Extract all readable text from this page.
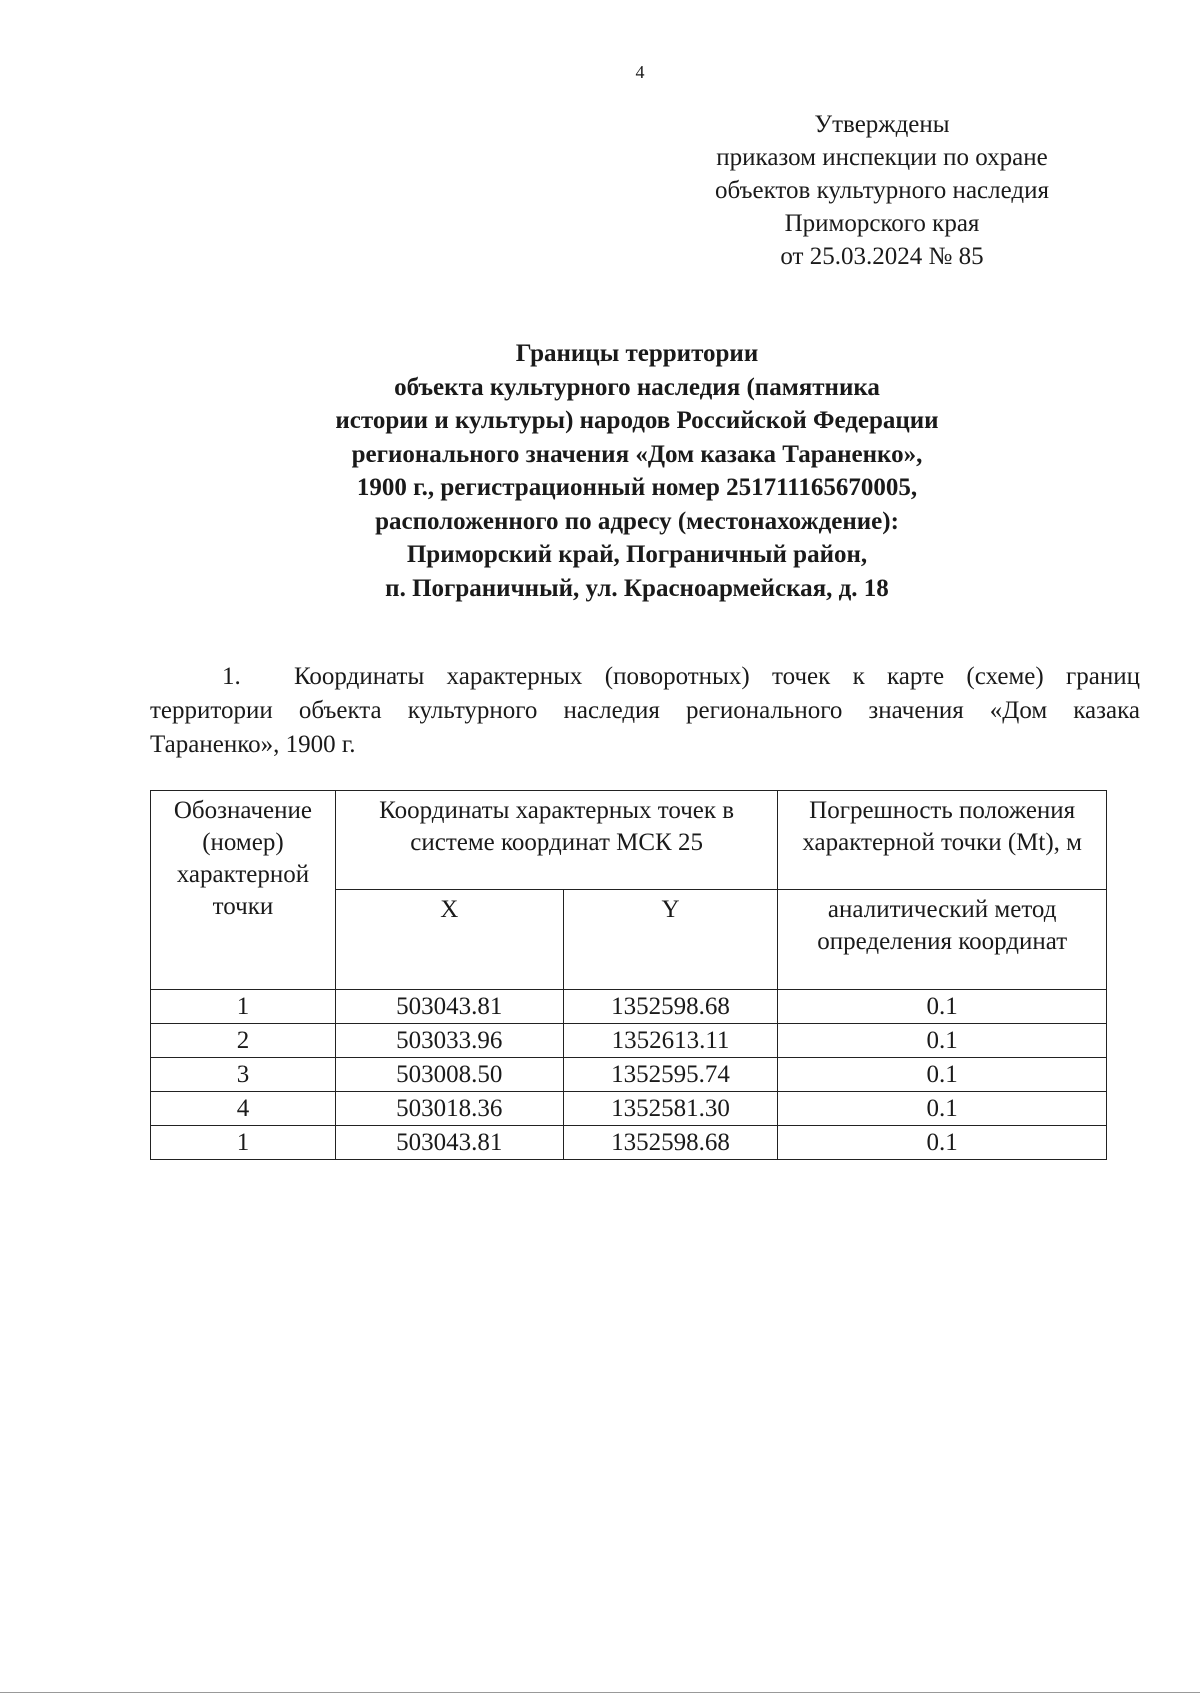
4
Утверждены
приказом инспекции по охране
объектов культурного наследия
Приморского края
от 25.03.2024 № 85
Границы территории
объекта культурного наследия (памятника
истории и культуры) народов Российской Федерации
регионального значения «Дом казака Тараненко»,
1900 г., регистрационный номер 251711165670005,
расположенного по адресу (местонахождение):
Приморский край, Пограничный район,
п. Пограничный, ул. Красноармейская, д. 18
1. Координаты характерных (поворотных) точек к карте (схеме) границ
территории объекта культурного наследия регионального значения «Дом казака
Тараненко», 1900 г.
Обозначение (номер) характерной точки	Координаты характерных точек в системе координат МСК 25		Погрешность положения характерной точки (Mt), м
	X	Y	аналитический метод определения координат
1	503043.81	1352598.68	0.1
2	503033.96	1352613.11	0.1
3	503008.50	1352595.74	0.1
4	503018.36	1352581.30	0.1
1	503043.81	1352598.68	0.1
